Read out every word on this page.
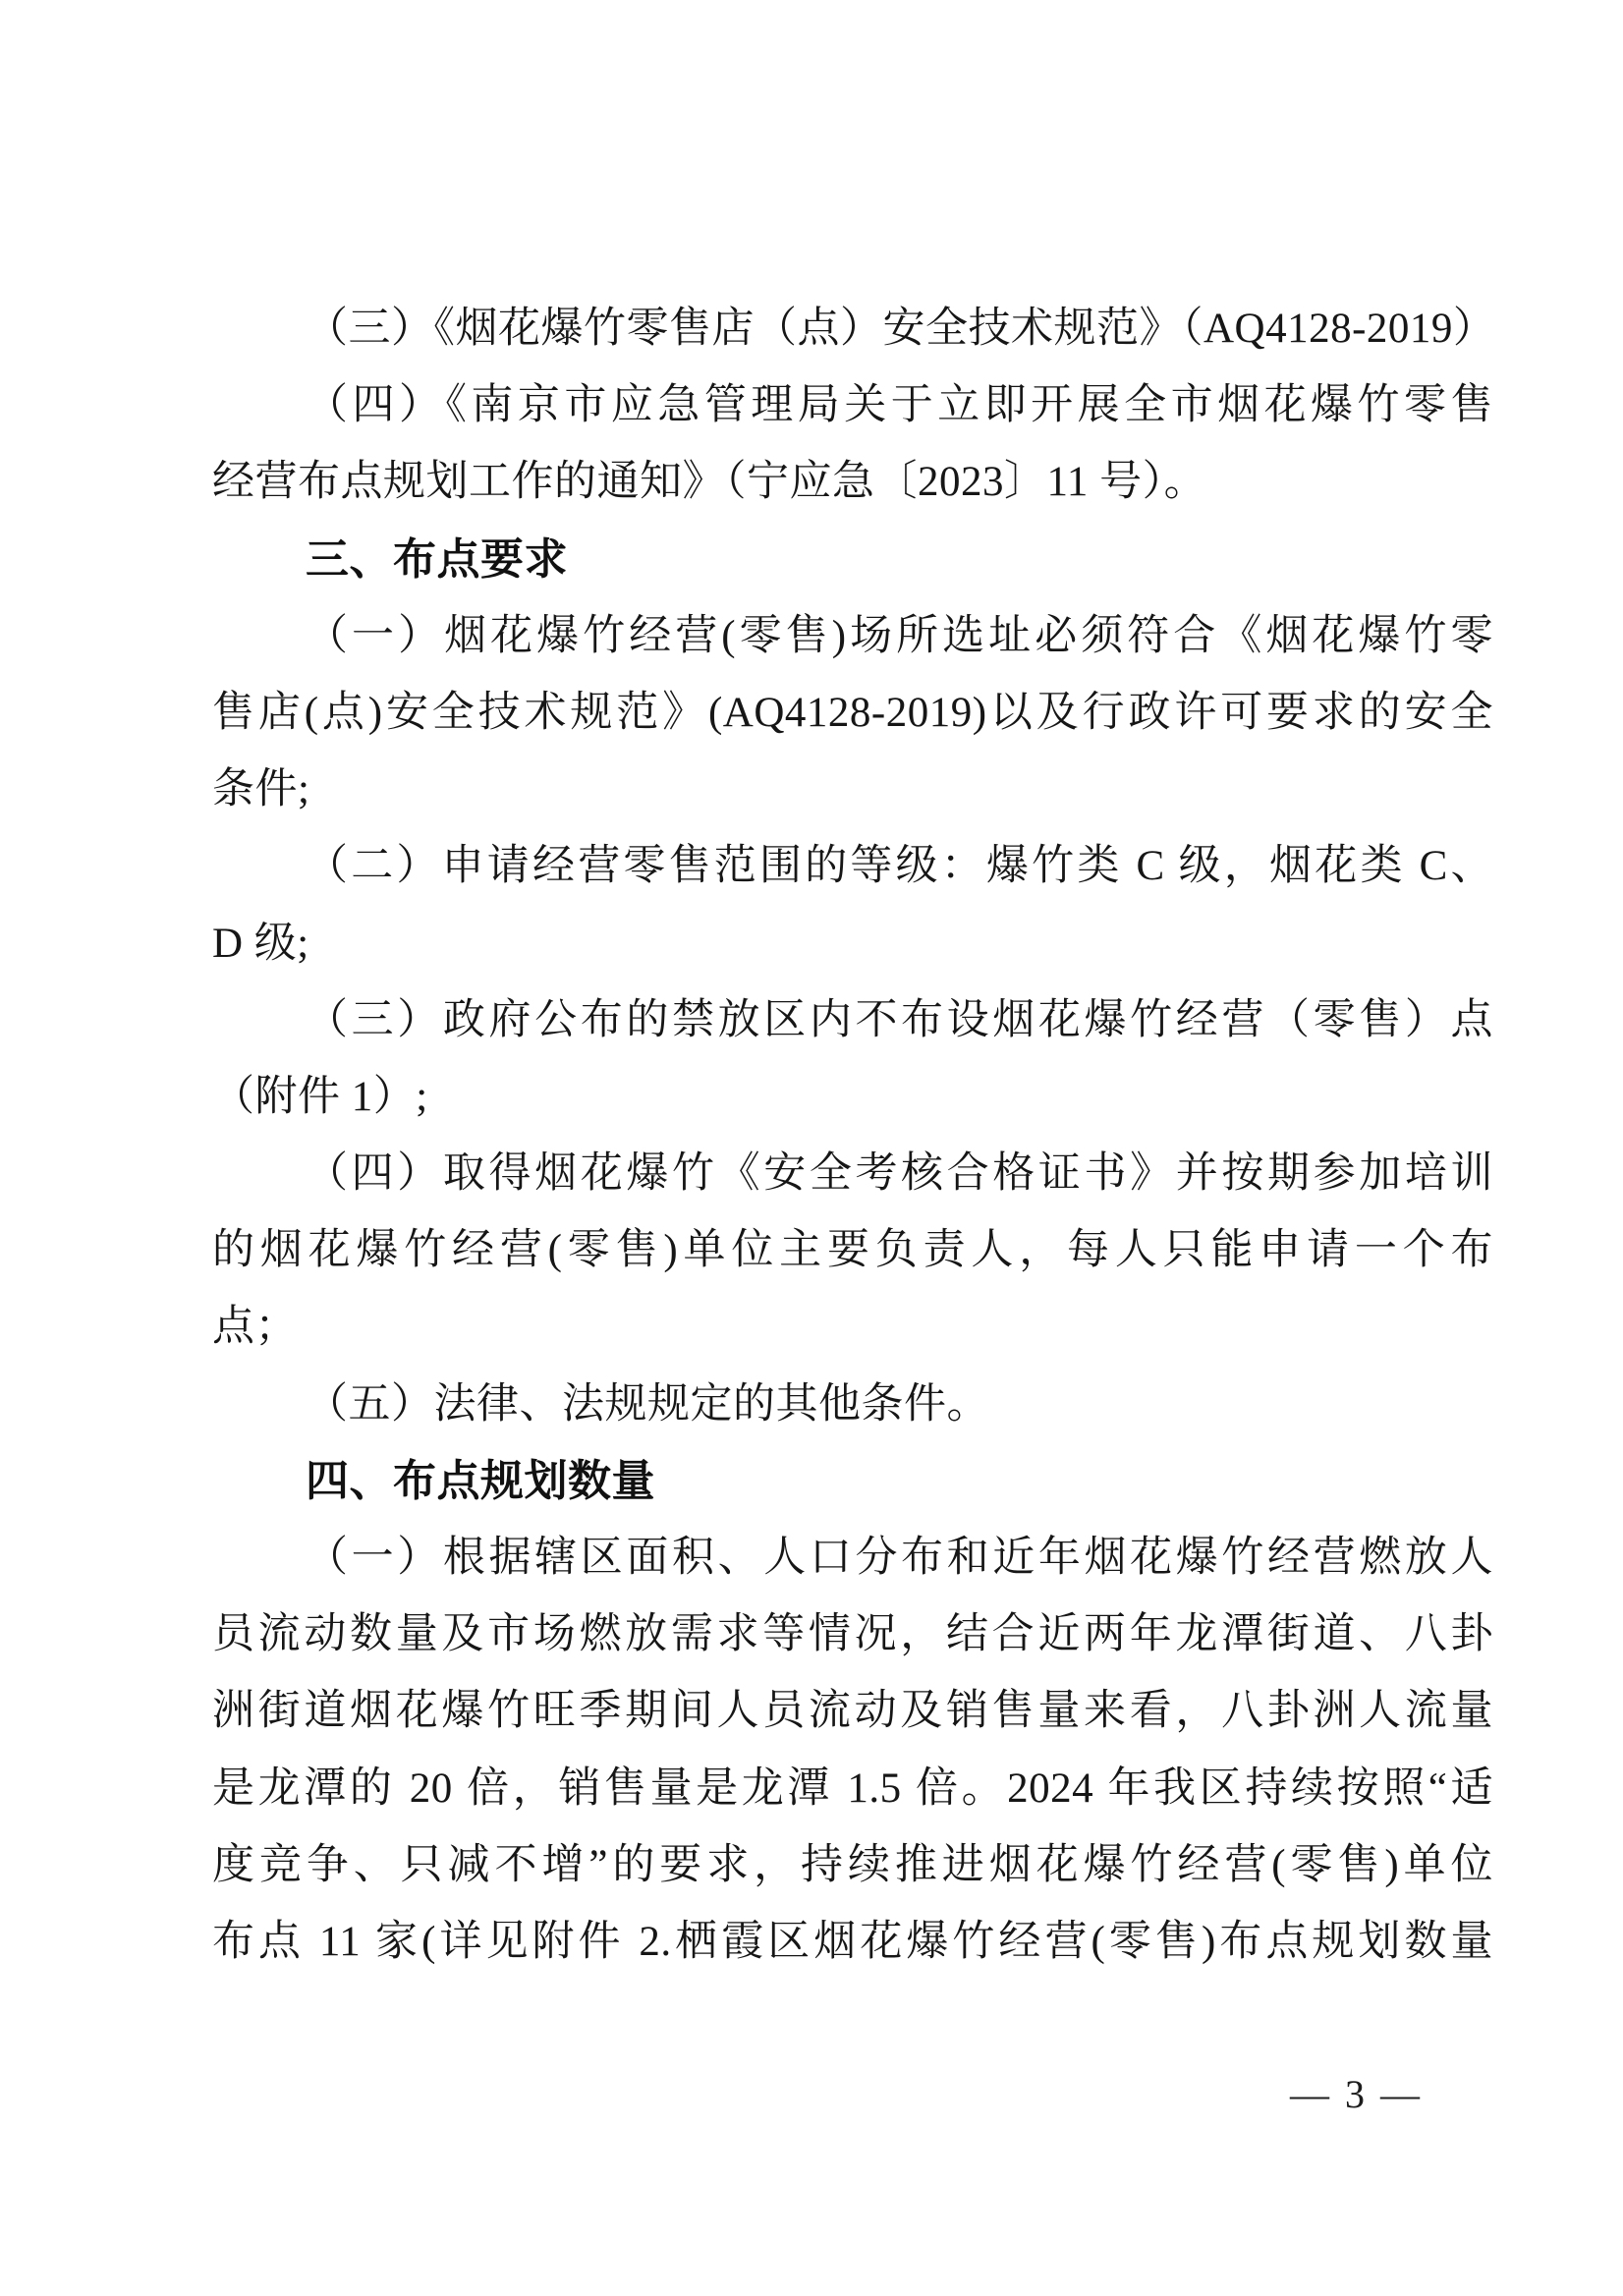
（三）《烟花爆竹零售店（点）安全技术规范》（AQ4128-2019）
（四）《南京市应急管理局关于立即开展全市烟花爆竹零售
经营布点规划工作的通知》（宁应急〔2023〕11 号）。
三、布点要求
（一）烟花爆竹经营(零售)场所选址必须符合《烟花爆竹零
售店(点)安全技术规范》(AQ4128-2019)以及行政许可要求的安全
条件;
（二）申请经营零售范围的等级：爆竹类 C 级，烟花类 C、
D 级;
（三）政府公布的禁放区内不布设烟花爆竹经营（零售）点
（附件 1）;
（四）取得烟花爆竹《安全考核合格证书》并按期参加培训
的烟花爆竹经营(零售)单位主要负责人，每人只能申请一个布
点；
（五）法律、法规规定的其他条件。
四、布点规划数量
（一）根据辖区面积、人口分布和近年烟花爆竹经营燃放人
员流动数量及市场燃放需求等情况，结合近两年龙潭街道、八卦
洲街道烟花爆竹旺季期间人员流动及销售量来看，八卦洲人流量
是龙潭的 20 倍，销售量是龙潭 1.5 倍。2024 年我区持续按照“适
度竞争、只减不增”的要求，持续推进烟花爆竹经营(零售)单位
布点 11 家(详见附件 2.栖霞区烟花爆竹经营(零售)布点规划数量
— 3 —
